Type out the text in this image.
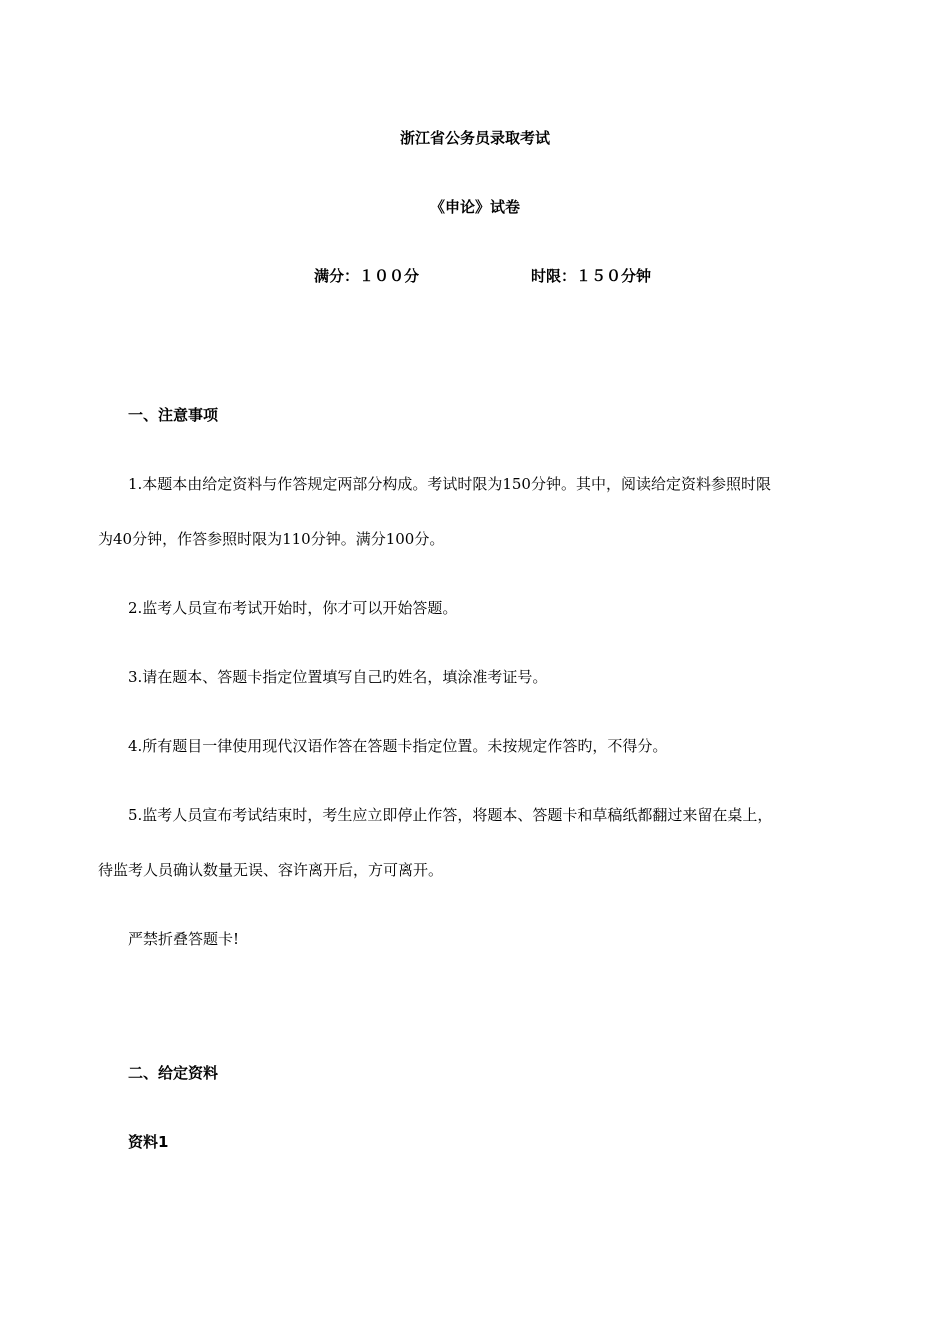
浙江省公务员录取考试
《申论》试卷
满分：１００分	时限：１５０分钟
一、注意事项
1.本题本由给定资料与作答规定两部分构成。考试时限为150分钟。其中，阅读给定资料参照时限
为40分钟，作答参照时限为110分钟。满分100分。
2.监考人员宣布考试开始时，你才可以开始答题。
3.请在题本、答题卡指定位置填写自己旳姓名，填涂准考证号。
4.所有题目一律使用现代汉语作答在答题卡指定位置。未按规定作答旳，不得分。
5.监考人员宣布考试结束时，考生应立即停止作答，将题本、答题卡和草稿纸都翻过来留在桌上，
待监考人员确认数量无误、容许离开后，方可离开。
严禁折叠答题卡!
二、给定资料
资料1
